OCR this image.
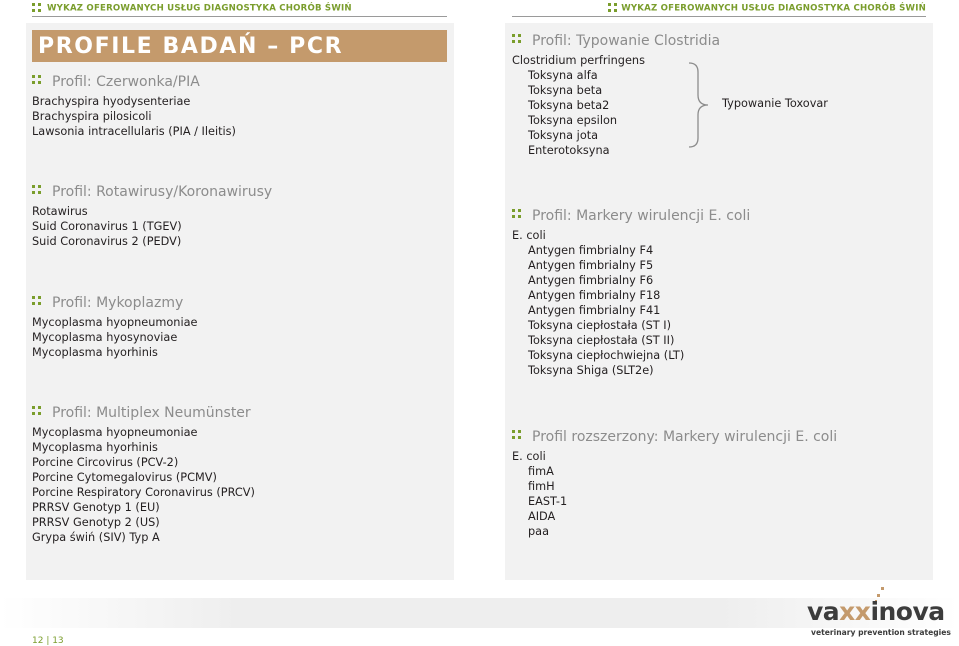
WYKAZ OFEROWANYCH USŁUG DIAGNOSTYKA CHORÓB ŚWIŃ	WYKAZ OFEROWANYCH USŁUG DIAGNOSTYKA CHORÓB ŚWIŃ
PROFILE BADAŃ – PCR
Profil: Czerwonka/PIA
Brachyspira hyodysenteriae
Brachyspira pilosicoli
Lawsonia intracellularis (PIA / Ileitis)
Profil: Rotawirusy/Koronawirusy
Rotawirus
Suid Coronavirus 1 (TGEV)
Suid Coronavirus 2 (PEDV)
Profil: Mykoplazmy
Mycoplasma hyopneumoniae
Mycoplasma hyosynoviae
Mycoplasma hyorhinis
Profil: Multiplex Neumünster
Mycoplasma hyopneumoniae
Mycoplasma hyorhinis
Porcine Circovirus (PCV-2)
Porcine Cytomegalovirus (PCMV)
Porcine Respiratory Coronavirus (PRCV)
PRRSV Genotyp 1 (EU)
PRRSV Genotyp 2 (US)
Grypa świń (SIV) Typ A
Profil: Typowanie Clostridia
Clostridium perfringens
Toksyna alfa
Toksyna beta
Toksyna beta2
Toksyna epsilon
Toksyna jota
Enterotoksyna
Typowanie Toxovar
Profil: Markery wirulencji E. coli
E. coli
Antygen fimbrialny F4
Antygen fimbrialny F5
Antygen fimbrialny F6
Antygen fimbrialny F18
Antygen fimbrialny F41
Toksyna ciepłostała (ST I)
Toksyna ciepłostała (ST II)
Toksyna ciepłochwiejna (LT)
Toksyna Shiga (SLT2e)
Profil rozszerzony: Markery wirulencji E. coli
E. coli
fimA
fimH
EAST-1
AIDA
paa
12 | 13
vaxxinova
veterinary prevention strategies
